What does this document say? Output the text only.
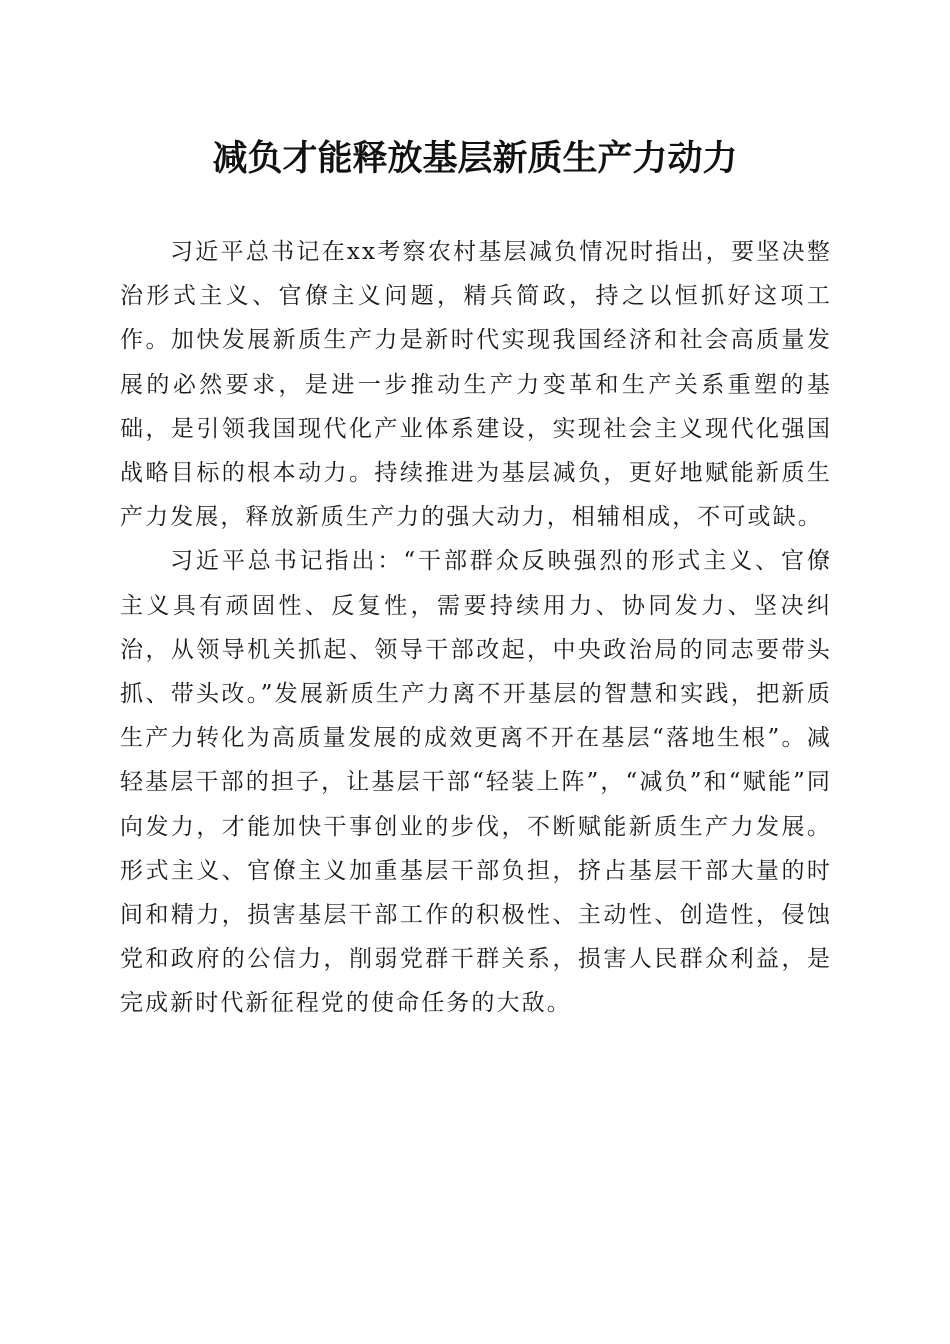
减负才能释放基层新质生产力动力

习近平总书记在xx考察农村基层减负情况时指出，要坚决整治形式主义、官僚主义问题，精兵简政，持之以恒抓好这项工作。加快发展新质生产力是新时代实现我国经济和社会高质量发展的必然要求，是进一步推动生产力变革和生产关系重塑的基础，是引领我国现代化产业体系建设，实现社会主义现代化强国战略目标的根本动力。持续推进为基层减负，更好地赋能新质生产力发展，释放新质生产力的强大动力，相辅相成，不可或缺。

习近平总书记指出：“干部群众反映强烈的形式主义、官僚主义具有顽固性、反复性，需要持续用力、协同发力、坚决纠治，从领导机关抓起、领导干部改起，中央政治局的同志要带头抓、带头改。”发展新质生产力离不开基层的智慧和实践，把新质生产力转化为高质量发展的成效更离不开在基层“落地生根”。减轻基层干部的担子，让基层干部“轻装上阵”，“减负”和“赋能”同向发力，才能加快干事创业的步伐，不断赋能新质生产力发展。形式主义、官僚主义加重基层干部负担，挤占基层干部大量的时间和精力，损害基层干部工作的积极性、主动性、创造性，侵蚀党和政府的公信力，削弱党群干群关系，损害人民群众利益，是完成新时代新征程党的使命任务的大敌。
